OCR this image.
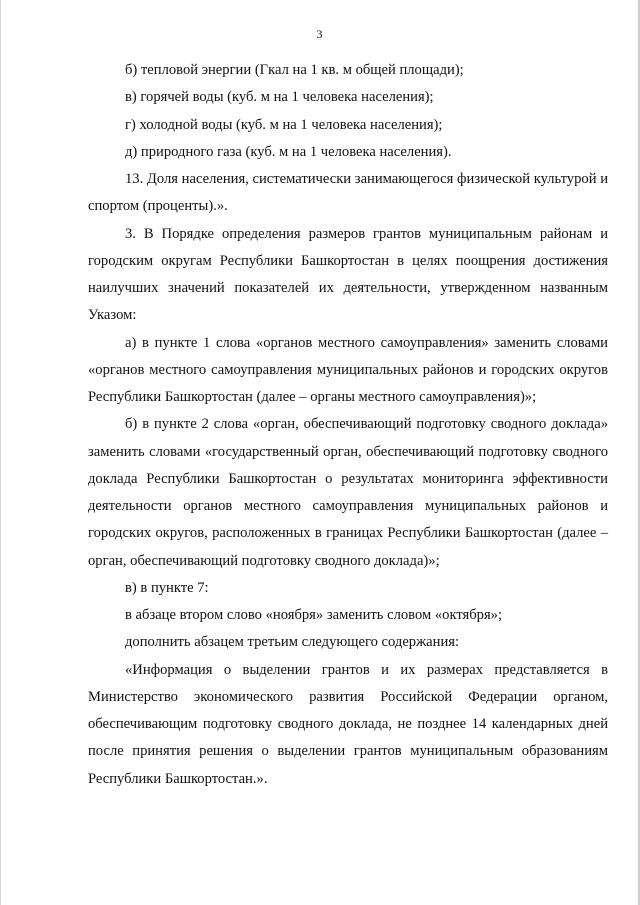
3

б) тепловой энергии (Гкал на 1 кв. м общей площади);

в) горячей воды (куб. м на 1 человека населения);

г) холодной воды (куб. м на 1 человека населения);

д) природного газа (куб. м на 1 человека населения).

13. Доля населения, систематически занимающегося физической культурой и спортом (проценты).».

3. В Порядке определения размеров грантов муниципальным районам и городским округам Республики Башкортостан в целях поощрения достижения наилучших значений показателей их деятельности, утвержденном названным Указом:

а) в пункте 1 слова «органов местного самоуправления» заменить словами «органов местного самоуправления муниципальных районов и городских округов Республики Башкортостан (далее – органы местного самоуправления)»;

б) в пункте 2 слова «орган, обеспечивающий подготовку сводного доклада» заменить словами «государственный орган, обеспечивающий подготовку сводного доклада Республики Башкортостан о результатах мониторинга эффективности деятельности органов местного самоуправления муниципальных районов и городских округов, расположенных в границах Республики Башкортостан (далее – орган, обеспечивающий подготовку сводного доклада)»;

в) в пункте 7:

в абзаце втором слово «ноября» заменить словом «октября»;

дополнить абзацем третьим следующего содержания:

«Информация о выделении грантов и их размерах представляется в Министерство экономического развития Российской Федерации органом, обеспечивающим подготовку сводного доклада, не позднее 14 календарных дней после принятия решения о выделении грантов муниципальным образованиям Республики Башкортостан.».
